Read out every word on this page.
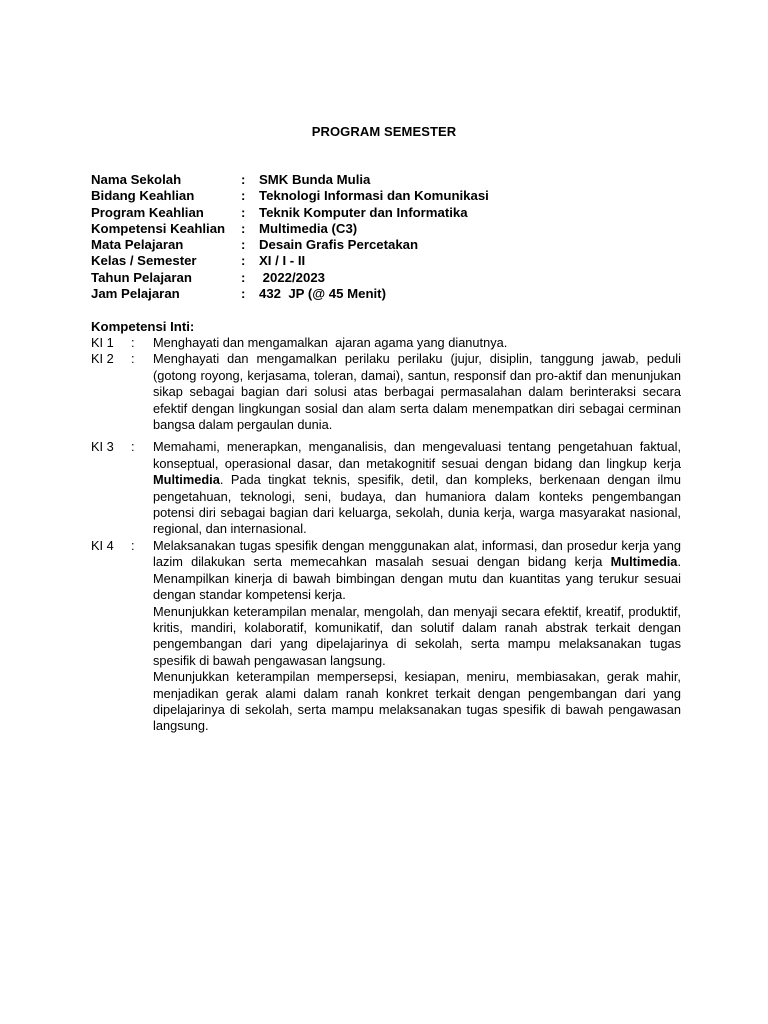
PROGRAM SEMESTER
Nama Sekolah	: SMK Bunda Mulia
Bidang Keahlian	: Teknologi Informasi dan Komunikasi
Program Keahlian	: Teknik Komputer dan Informatika
Kompetensi Keahlian : Multimedia (C3)
Mata Pelajaran	: Desain Grafis Percetakan
Kelas / Semester	: XI / I - II
Tahun Pelajaran	: 2022/2023
Jam Pelajaran	: 432  JP (@ 45 Menit)
Kompetensi Inti:
KI 1	:	Menghayati dan mengamalkan  ajaran agama yang dianutnya.

KI 2	:	Menghayati dan mengamalkan perilaku perilaku (jujur, disiplin, tanggung jawab, peduli (gotong royong, kerjasama, toleran, damai), santun, responsif dan pro-aktif dan menunjukan sikap sebagai bagian dari solusi atas berbagai permasalahan dalam berinteraksi secara efektif dengan lingkungan sosial dan alam serta dalam menempatkan diri sebagai cerminan bangsa dalam pergaulan dunia.

KI 3	:	Memahami, menerapkan, menganalisis, dan mengevaluasi tentang pengetahuan faktual, konseptual, operasional dasar, dan metakognitif sesuai dengan bidang dan lingkup kerja Multimedia. Pada tingkat teknis, spesifik, detil, dan kompleks, berkenaan dengan ilmu pengetahuan, teknologi, seni, budaya, dan humaniora dalam konteks pengembangan potensi diri sebagai bagian dari keluarga, sekolah, dunia kerja, warga masyarakat nasional, regional, dan internasional.

KI 4	:	Melaksanakan tugas spesifik dengan menggunakan alat, informasi, dan prosedur kerja yang lazim dilakukan serta memecahkan masalah sesuai dengan bidang kerja Multimedia. Menampilkan kinerja di bawah bimbingan dengan mutu dan kuantitas yang terukur sesuai dengan standar kompetensi kerja.

Menunjukkan keterampilan menalar, mengolah, dan menyaji secara efektif, kreatif, produktif, kritis, mandiri, kolaboratif, komunikatif, dan solutif dalam ranah abstrak terkait dengan pengembangan dari yang dipelajarinya di sekolah, serta mampu melaksanakan tugas spesifik di bawah pengawasan langsung.

Menunjukkan keterampilan mempersepsi, kesiapan, meniru, membiasakan, gerak mahir, menjadikan gerak alami dalam ranah konkret terkait dengan pengembangan dari yang dipelajarinya di sekolah, serta mampu melaksanakan tugas spesifik di bawah pengawasan langsung.
